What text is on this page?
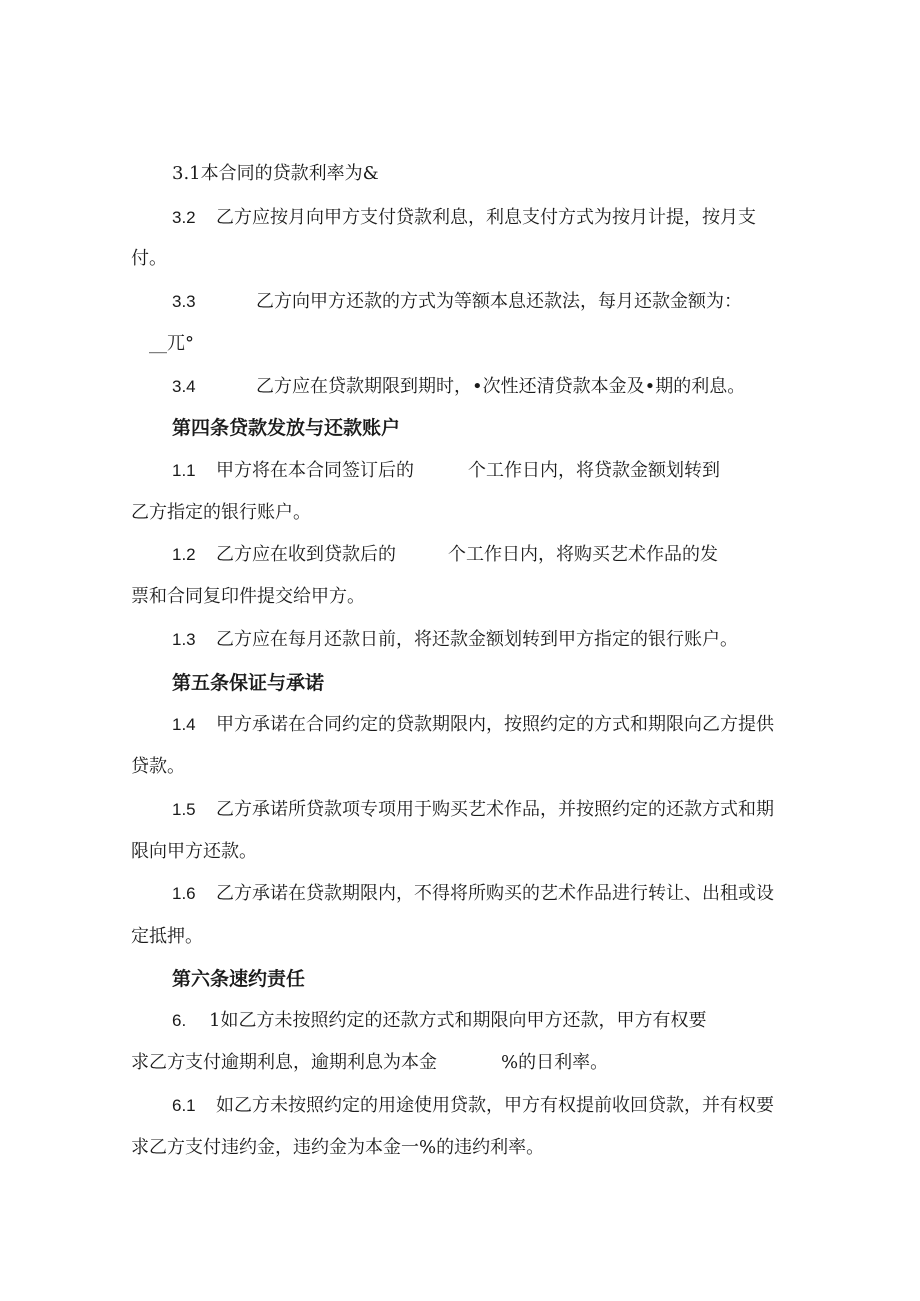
3.1本合同的贷款利率为&
3.2 乙方应按月向甲方支付贷款利息，利息支付方式为按月计提，按月支
付。
3.3	乙方向甲方还款的方式为等额本息还款法，每月还款金额为：
__兀°
3.4	乙方应在贷款期限到期时，•次性还清贷款本金及•期的利息。
第四条贷款发放与还款账户
1.1 甲方将在本合同签订后的	个工作日内，将贷款金额划转到
乙方指定的银行账户。
1.2 乙方应在收到贷款后的	个工作日内，将购买艺术作品的发
票和合同复印件提交给甲方。
1.3 乙方应在每月还款日前，将还款金额划转到甲方指定的银行账户。
第五条保证与承诺
1.4 甲方承诺在合同约定的贷款期限内，按照约定的方式和期限向乙方提供
贷款。
1.5 乙方承诺所贷款项专项用于购买艺术作品，并按照约定的还款方式和期
限向甲方还款。
1.6 乙方承诺在贷款期限内，不得将所购买的艺术作品进行转让、出租或设
定抵押。
第六条速约责任
6. 1如乙方未按照约定的还款方式和期限向甲方还款，甲方有权要
求乙方支付逾期利息，逾期利息为本金	%的日利率。
6.1 如乙方未按照约定的用途使用贷款，甲方有权提前收回贷款，并有权要
求乙方支付违约金，违约金为本金一%的违约利率。
